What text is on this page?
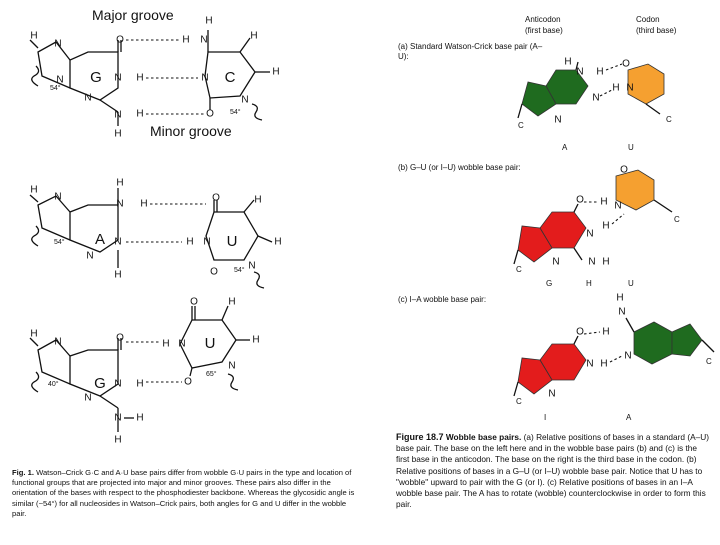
Major groove
Minor groove
N
H	O
N
N
N
H
N
54°
G	H
H
H
N
H	H
H
N
N
O
C
54°
H
N H
N
H
N
N
H
54° A
O	H
H
H N
N
O
U
54°
O
N
H
N H
N
N H
H
40° G
O	H
H
H N
N
O
U
65°
Anticodon
(first base)
Codon
(third base)
(a) Standard Watson-Crick base pair (A–U):
H
N H
O
N
H N
N
C
C
A	U
(b) G–U (or I–U) wobble base pair:
O
N
H
H N
O
N H
N
C
C
G	H	U
(c) I–A wobble base pair:
O
N H
N
H
H
N
N
C
C
I	A
Fig. 1. Watson–Crick G·C and A·U base pairs differ from wobble G·U pairs in the type and location of functional groups that are projected into major and minor grooves. These pairs also differ in the orientation of the bases with respect to the phosphodiester backbone. Whereas the glycosidic angle is similar (~54°) for all nucleosides in Watson–Crick pairs, both angles for G and U differ in the wobble pair.
Figure 18.7 Wobble base pairs. (a) Relative positions of bases in a standard (A–U) base pair. The base on the left here and in the wobble base pairs (b) and (c) is the first base in the anticodon. The base on the right is the third base in the codon. (b) Relative positions of bases in a G–U (or I–U) wobble base pair. Notice that U has to "wobble" upward to pair with the G (or I). (c) Relative positions of bases in an I–A wobble base pair. The A has to rotate (wobble) counterclockwise in order to form this pair.
